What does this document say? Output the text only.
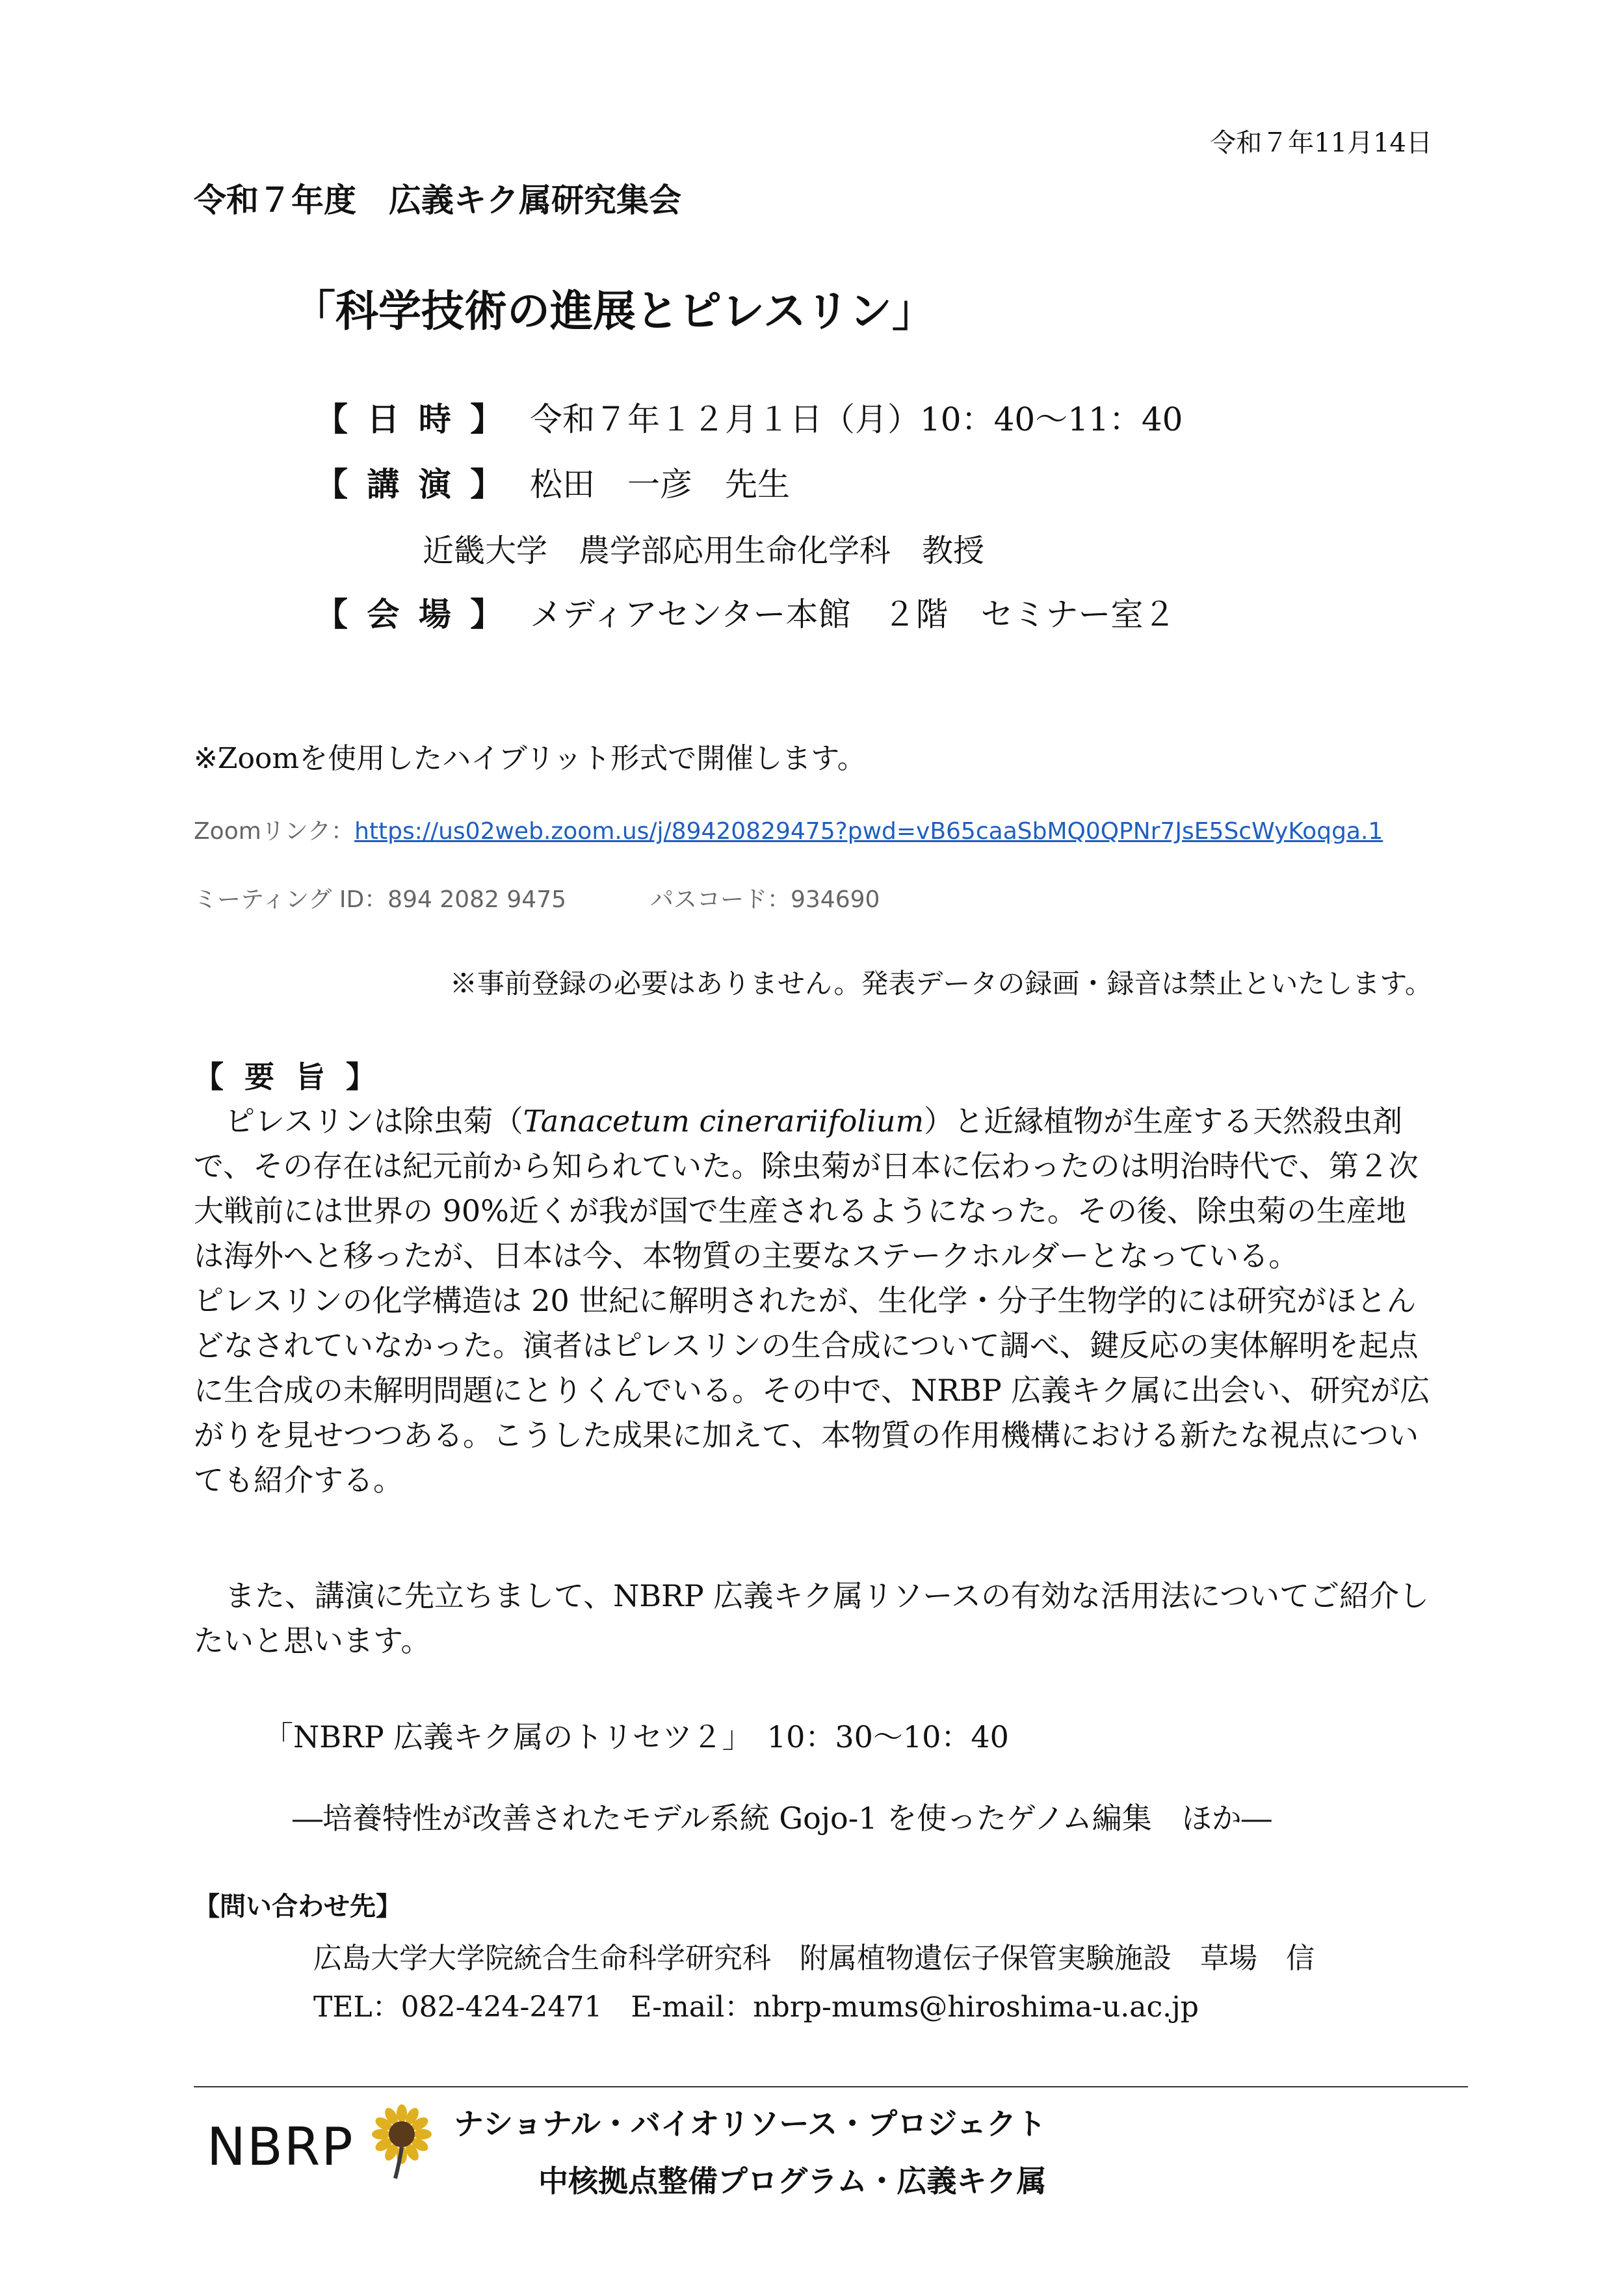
令和７年11月14日
令和７年度　広義キク属研究集会
「科学技術の進展とピレスリン」
【 日 時 】 令和７年１２月１日（月）10：40～11：40
【 講 演 】 松田　一彦　先生
近畿大学　農学部応用生命化学科　教授
【 会 場 】 メディアセンター本館　２階　セミナー室２
※Zoomを使用したハイブリット形式で開催します。
Zoomリンク：https://us02web.zoom.us/j/89420829475?pwd=vB65caaSbMQ0QPNr7JsE5ScWyKoqga.1
ミーティング ID：894 2082 9475	パスコード：934690
※事前登録の必要はありません。発表データの録画・録音は禁止といたします。
【 要 旨 】

ピレスリンは除虫菊（Tanacetum cinerariifolium）と近縁植物が生産する天然殺虫剤で、その存在は紀元前から知られていた。除虫菊が日本に伝わったのは明治時代で、第２次大戦前には世界の 90%近くが我が国で生産されるようになった。その後、除虫菊の生産地は海外へと移ったが、日本は今、本物質の主要なステークホルダーとなっている。

ピレスリンの化学構造は 20 世紀に解明されたが、生化学・分子生物学的には研究がほとんどなされていなかった。演者はピレスリンの生合成について調べ、鍵反応の実体解明を起点に生合成の未解明問題にとりくんでいる。その中で、NRBP 広義キク属に出会い、研究が広がりを見せつつある。こうした成果に加えて、本物質の作用機構における新たな視点についても紹介する。

また、講演に先立ちまして、NBRP 広義キク属リソースの有効な活用法についてご紹介したいと思います。

「NBRP 広義キク属のトリセツ２」　10：30～10：40
―培養特性が改善されたモデル系統 Gojo-1 を使ったゲノム編集　ほか―
【問い合わせ先】
広島大学大学院統合生命科学研究科　附属植物遺伝子保管実験施設　草場　信
TEL：082-424-2471　E-mail：nbrp-mums@hiroshima-u.ac.jp
NBRP	ナショナル・バイオリソース・プロジェクト
中核拠点整備プログラム・広義キク属
